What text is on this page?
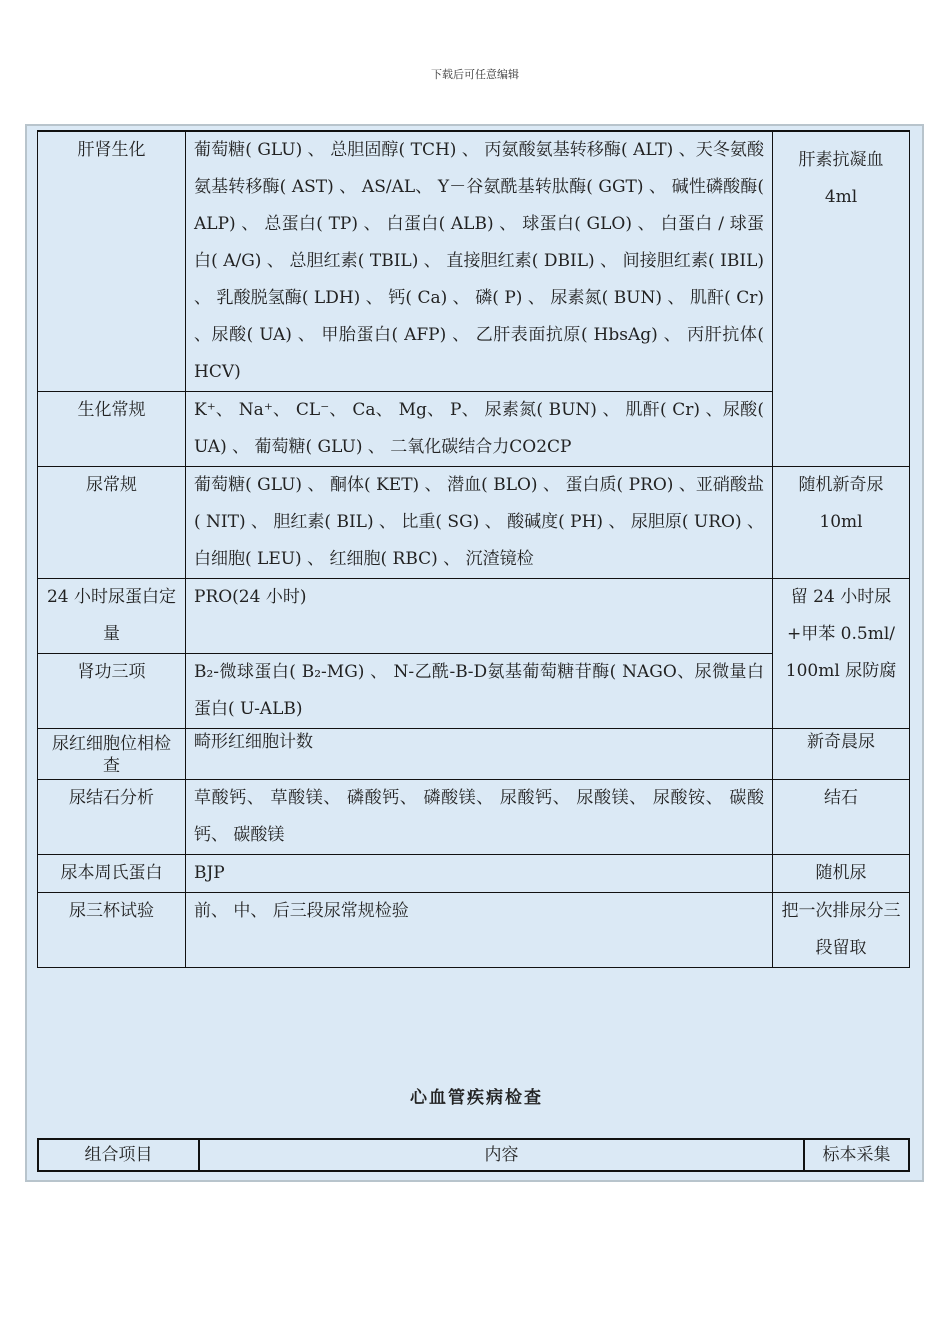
下载后可任意编辑
肝肾生化	葡萄糖( GLU) 、 总胆固醇( TCH) 、 丙氨酸氨基转移酶( ALT) 、天冬氨酸氨基转移酶( AST) 、 AS/AL、 Υ－谷氨酰基转肽酶( GGT) 、 碱性磷酸酶( ALP) 、 总蛋白( TP) 、 白蛋白( ALB) 、 球蛋白( GLO) 、 白蛋白 / 球蛋白( A/G) 、 总胆红素( TBIL) 、 直接胆红素( DBIL) 、 间接胆红素( IBIL) 、 乳酸脱氢酶( LDH) 、 钙( Ca) 、 磷( P) 、 尿素氮( BUN) 、 肌酐( Cr) 、尿酸( UA) 、 甲胎蛋白( AFP) 、 乙肝表面抗原( HbsAg) 、 丙肝抗体( HCV)	肝素抗凝血 4ml
生化常规	K⁺、 Na⁺、 CL⁻、 Ca、 Mg、 P、 尿素氮( BUN) 、 肌酐( Cr) 、尿酸( UA) 、 葡萄糖( GLU) 、 二氧化碳结合力CO2CP	
尿常规	葡萄糖( GLU) 、 酮体( KET) 、 潜血( BLO) 、 蛋白质( PRO) 、亚硝酸盐( NIT) 、 胆红素( BIL) 、 比重( SG) 、 酸碱度( PH) 、 尿胆原( URO) 、 白细胞( LEU) 、 红细胞( RBC) 、 沉渣镜检	随机新奇尿 10ml
24 小时尿蛋白定量	PRO(24 小时)	留 24 小时尿+甲苯 0.5ml/ 100ml 尿防腐
肾功三项	Β₂-微球蛋白( Β₂-MG) 、 N-乙酰-Β-D氨基葡萄糖苷酶( NAGO、尿微量白蛋白( U-ALB)	
尿红细胞位相检查	畸形红细胞计数	新奇晨尿
尿结石分析	草酸钙、 草酸镁、 磷酸钙、 磷酸镁、 尿酸钙、 尿酸镁、 尿酸铵、 碳酸钙、 碳酸镁	结石
尿本周氏蛋白	BJP	随机尿
尿三杯试验	前、 中、 后三段尿常规检验	把一次排尿分三段留取
心血管疾病检查
组合项目	内容	标本采集
